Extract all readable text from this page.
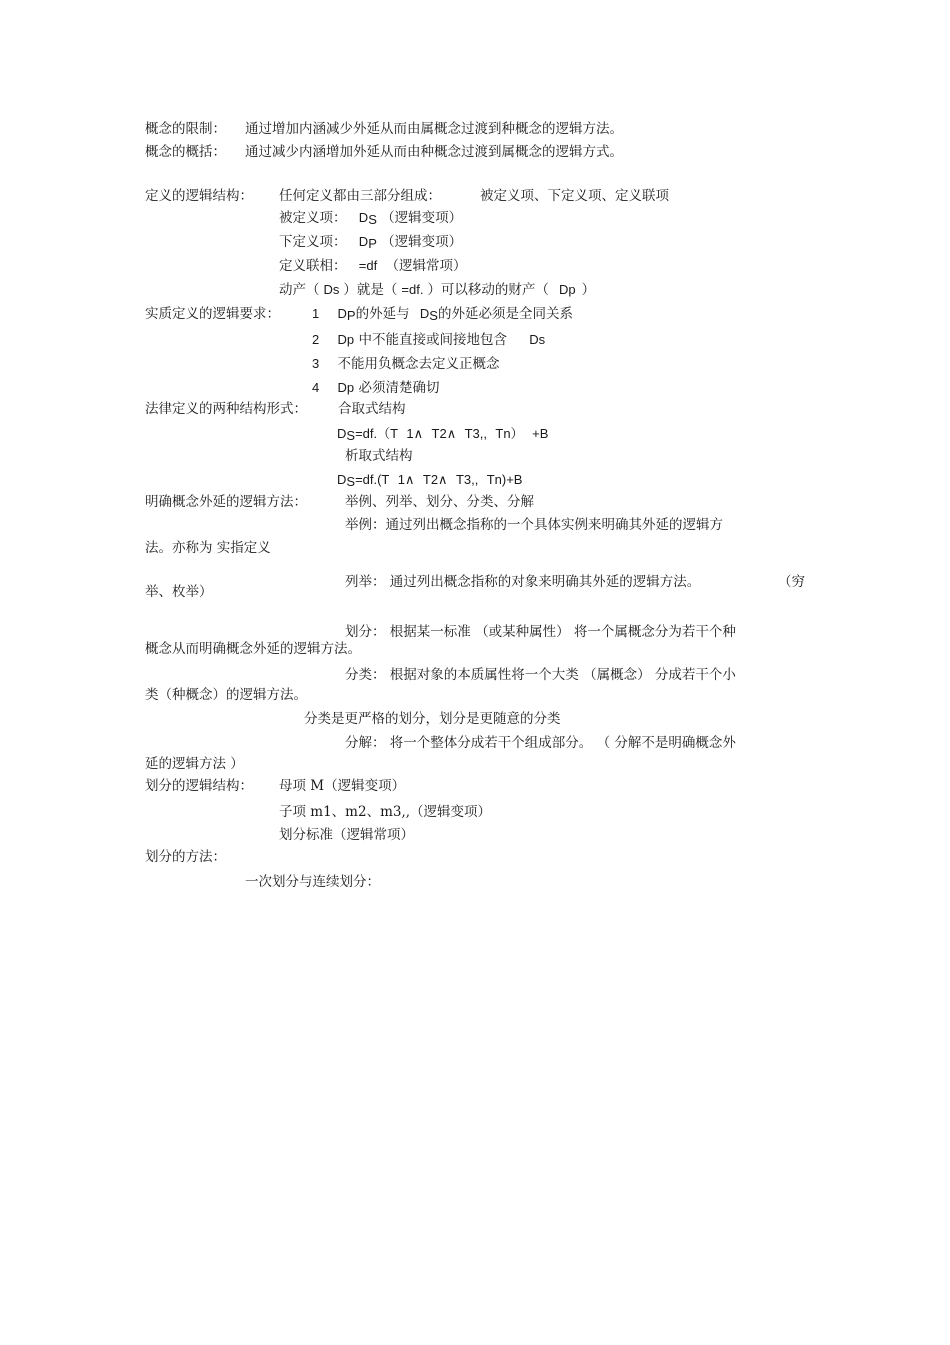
概念的限制： 通过增加内涵减少外延从而由属概念过渡到种概念的逻辑方法。
概念的概括： 通过减少内涵增加外延从而由种概念过渡到属概念的逻辑方式。
定义的逻辑结构： 任何定义都由三部分组成：	被定义项、下定义项、定义联项
被定义项： $D_S$ （逻辑变项）
下定义项： $D_P$ （逻辑变项）
定义联相： =df （逻辑常项）
动产（ Ds ）就是（ =df. ）可以移动的财产（ Dp ）
实质定义的逻辑要求： 1 $D_P$的外延与 $D_S$的外延必须是全同关系
2 Dp 中不能直接或间接地包含 Ds
3 不能用负概念去定义正概念
4 Dp 必须清楚确切
法律定义的两种结构形式： 合取式结构
$D_S=df.(T$ 1∧ T2∧ T3,, Tn） +B
析取式结构
$D_S=df.(T$ 1∧ T2∧ T3,, Tn)+B
明确概念外延的逻辑方法：	举例、列举、划分、分类、分解
举例：通过列出概念指称的一个具体实例来明确其外延的逻辑方
法。亦称为 实指定义
列举： 通过列出概念指称的对象来明确其外延的逻辑方法。	（穷
举、枚举）
划分： 根据某一标准 （或某种属性） 将一个属概念分为若干个种
概念从而明确概念外延的逻辑方法。
分类： 根据对象的本质属性将一个大类 （属概念） 分成若干个小
类（种概念）的逻辑方法。
分类是更严格的划分，划分是更随意的分类
分解： 将一个整体分成若干个组成部分。 （ 分解不是明确概念外
延的逻辑方法 ）
划分的逻辑结构： 母项 M（逻辑变项）
子项 m1、m2、m3,,（逻辑变项）
划分标准（逻辑常项）
划分的方法：
一次划分与连续划分：
